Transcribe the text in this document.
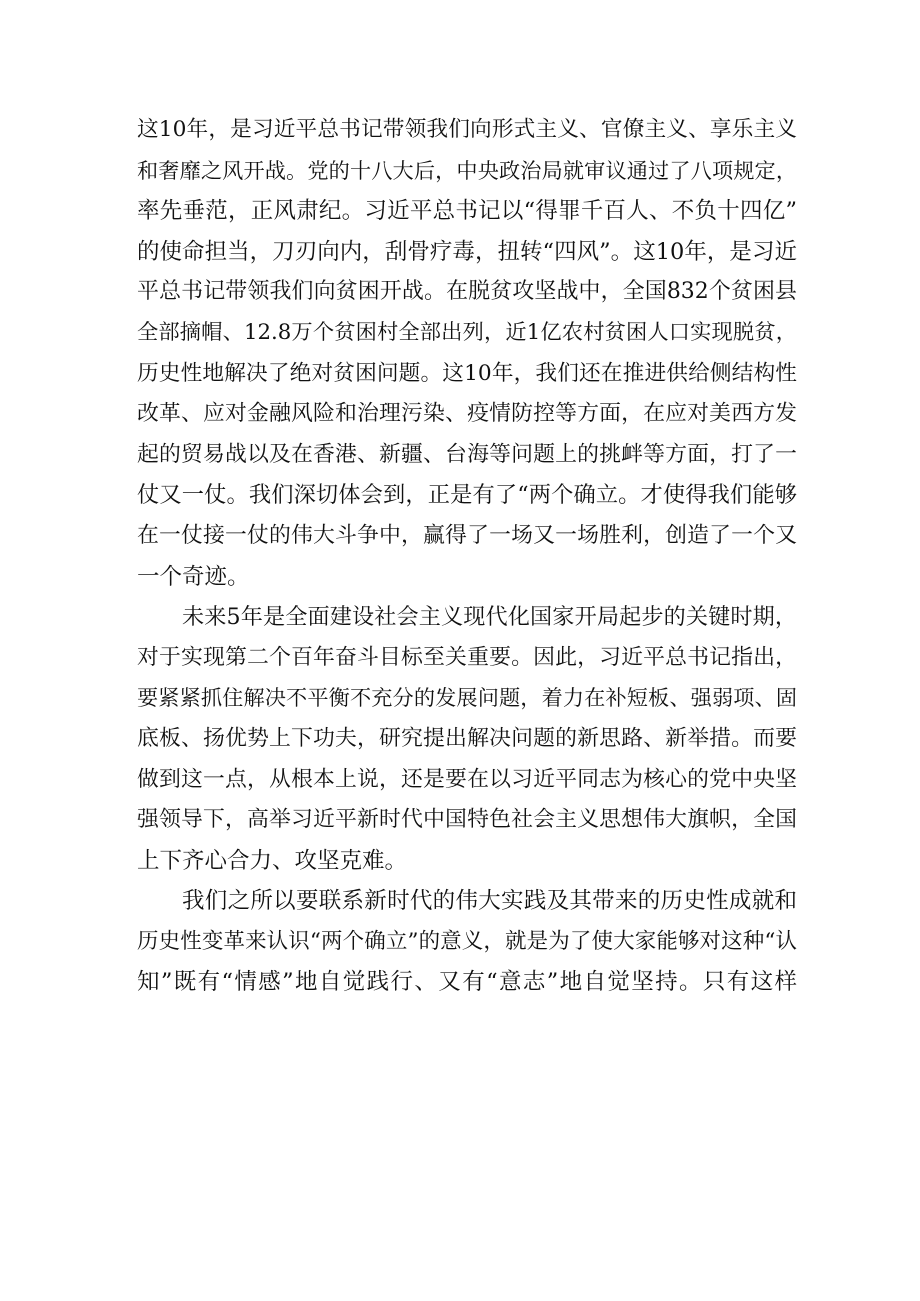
这10年，是习近平总书记带领我们向形式主义、官僚主义、享乐主义
和奢靡之风开战。党的十八大后，中央政治局就审议通过了八项规定，
率先垂范，正风肃纪。习近平总书记以“得罪千百人、不负十四亿”
的使命担当，刀刃向内，刮骨疗毒，扭转“四风”。这10年，是习近
平总书记带领我们向贫困开战。在脱贫攻坚战中，全国832个贫困县
全部摘帽、12.8万个贫困村全部出列，近1亿农村贫困人口实现脱贫，
历史性地解决了绝对贫困问题。这10年，我们还在推进供给侧结构性
改革、应对金融风险和治理污染、疫情防控等方面，在应对美西方发
起的贸易战以及在香港、新疆、台海等问题上的挑衅等方面，打了一
仗又一仗。我们深切体会到，正是有了“两个确立。才使得我们能够
在一仗接一仗的伟大斗争中，赢得了一场又一场胜利，创造了一个又
一个奇迹。

未来5年是全面建设社会主义现代化国家开局起步的关键时期，
对于实现第二个百年奋斗目标至关重要。因此，习近平总书记指出，
要紧紧抓住解决不平衡不充分的发展问题，着力在补短板、强弱项、固
底板、扬优势上下功夫，研究提出解决问题的新思路、新举措。而要
做到这一点，从根本上说，还是要在以习近平同志为核心的党中央坚
强领导下，高举习近平新时代中国特色社会主义思想伟大旗帜，全国
上下齐心合力、攻坚克难。

我们之所以要联系新时代的伟大实践及其带来的历史性成就和
历史性变革来认识“两个确立”的意义，就是为了使大家能够对这种“认
知”既有“情感”地自觉践行、又有“意志”地自觉坚持。只有这样
